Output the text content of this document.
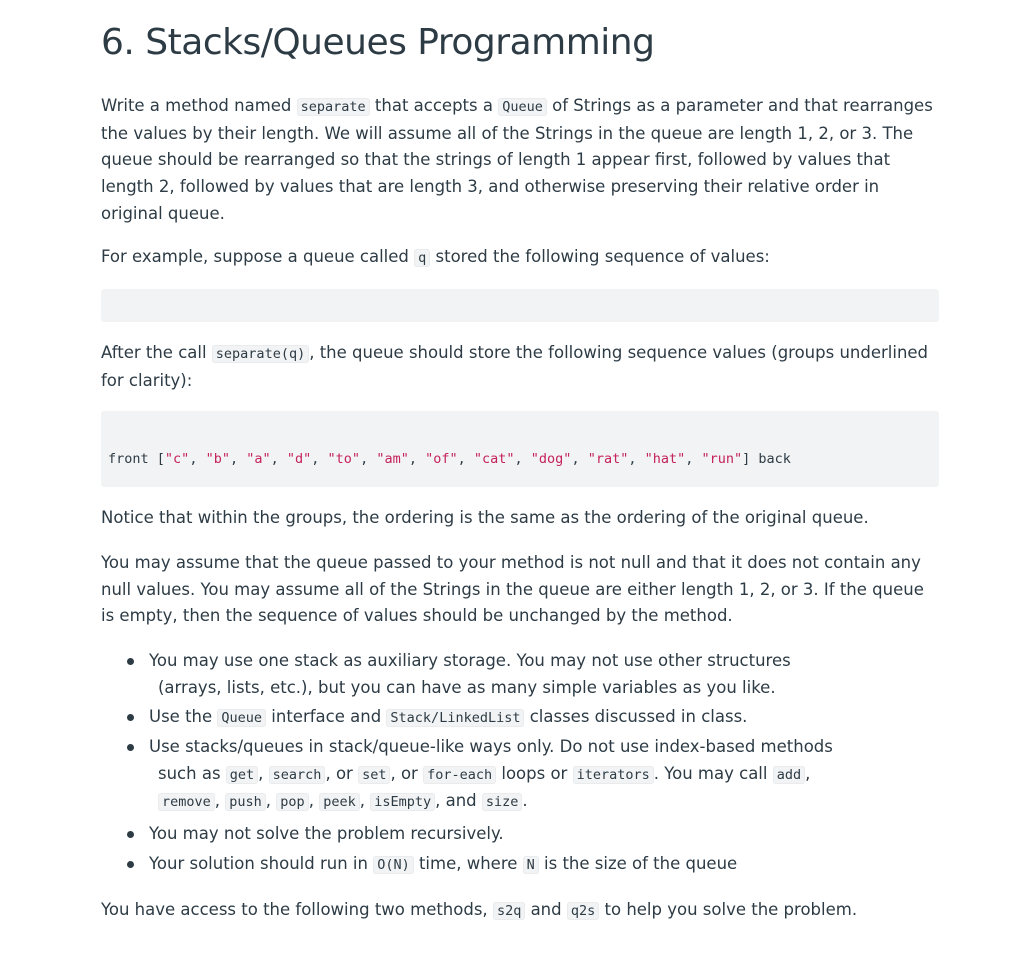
6. Stacks/Queues Programming

Write a method named separate that accepts a Queue of Strings as a parameter and that rearranges the values by their length. We will assume all of the Strings in the queue are length 1, 2, or 3. The queue should be rearranged so that the strings of length 1 appear first, followed by values that length 2, followed by values that are length 3, and otherwise preserving their relative order in original queue.

For example, suppose a queue called q stored the following sequence of values:

After the call separate(q) , the queue should store the following sequence values (groups underlined for clarity):

front ["c", "b", "a", "d", "to", "am", "of", "cat", "dog", "rat", "hat", "run"] back

Notice that within the groups, the ordering is the same as the ordering of the original queue.

You may assume that the queue passed to your method is not null and that it does not contain any null values. You may assume all of the Strings in the queue are either length 1, 2, or 3. If the queue is empty, then the sequence of values should be unchanged by the method.

You may use one stack as auxiliary storage. You may not use other structures
(arrays, lists, etc.), but you can have as many simple variables as you like.
Use the Queue interface and Stack/LinkedList classes discussed in class.
Use stacks/queues in stack/queue-like ways only. Do not use index-based methods
such as get , search , or set , or for-each loops or iterators . You may call add ,
remove , push , pop , peek , isEmpty , and size .
You may not solve the problem recursively.
Your solution should run in O(N) time, where N is the size of the queue

You have access to the following two methods, s2q and q2s to help you solve the problem.
